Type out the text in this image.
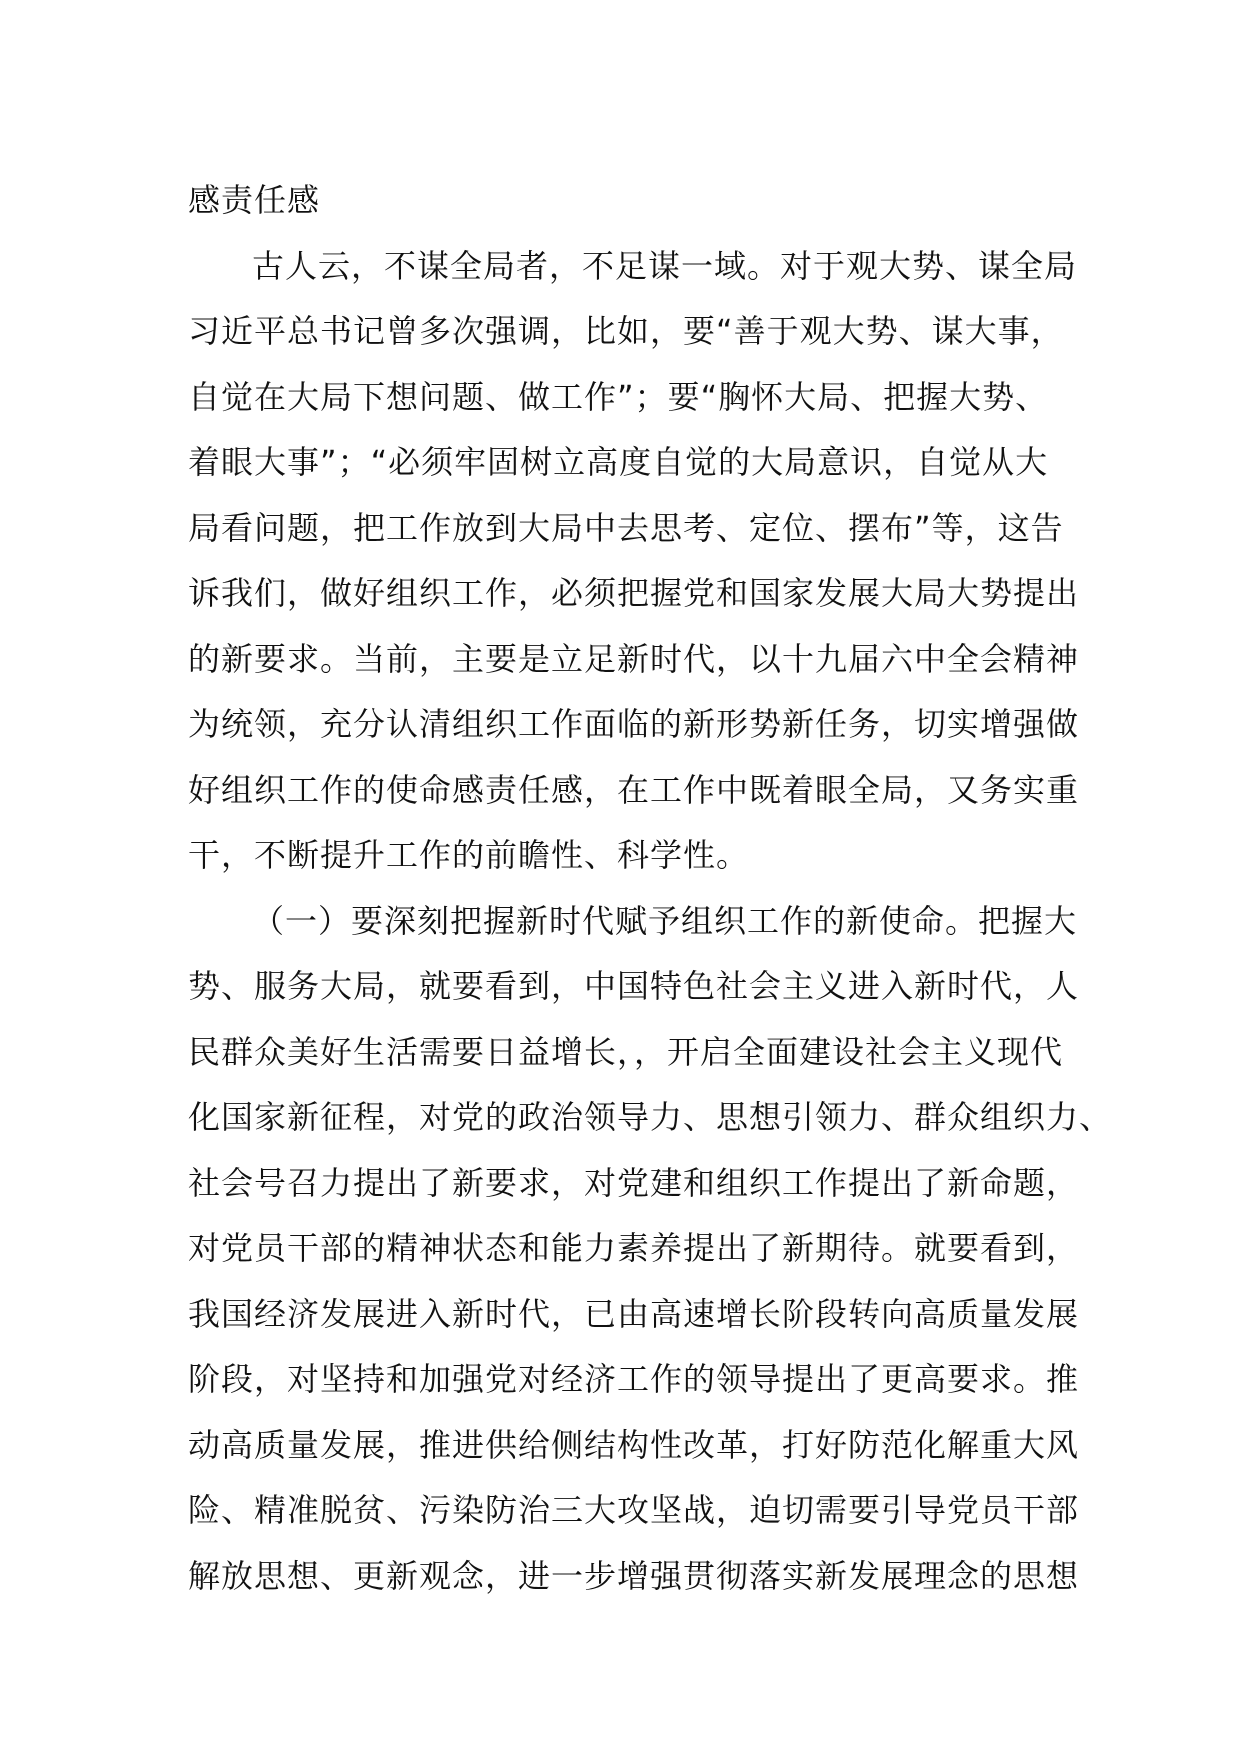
感责任感
古人云，不谋全局者，不足谋一域。对于观大势、谋全局
习近平总书记曾多次强调，比如，要“善于观大势、谋大事，
自觉在大局下想问题、做工作”；要“胸怀大局、把握大势、
着眼大事”；“必须牢固树立高度自觉的大局意识，自觉从大
局看问题，把工作放到大局中去思考、定位、摆布”等，这告
诉我们，做好组织工作，必须把握党和国家发展大局大势提出
的新要求。当前，主要是立足新时代，以十九届六中全会精神
为统领，充分认清组织工作面临的新形势新任务，切实增强做
好组织工作的使命感责任感，在工作中既着眼全局，又务实重
干，不断提升工作的前瞻性、科学性。
（一）要深刻把握新时代赋予组织工作的新使命。把握大
势、服务大局，就要看到，中国特色社会主义进入新时代，人
民群众美好生活需要日益增长，，开启全面建设社会主义现代
化国家新征程，对党的政治领导力、思想引领力、群众组织力、
社会号召力提出了新要求，对党建和组织工作提出了新命题，
对党员干部的精神状态和能力素养提出了新期待。就要看到，
我国经济发展进入新时代，已由高速增长阶段转向高质量发展
阶段，对坚持和加强党对经济工作的领导提出了更高要求。推
动高质量发展，推进供给侧结构性改革，打好防范化解重大风
险、精准脱贫、污染防治三大攻坚战，迫切需要引导党员干部
解放思想、更新观念，进一步增强贯彻落实新发展理念的思想
